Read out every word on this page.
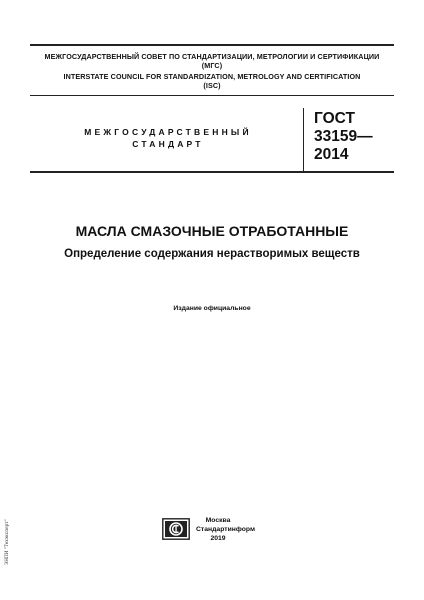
МЕЖГОСУДАРСТВЕННЫЙ СОВЕТ ПО СТАНДАРТИЗАЦИИ, МЕТРОЛОГИИ И СЕРТИФИКАЦИИ
(МГС)
INTERSTATE COUNCIL FOR STANDARDIZATION, METROLOGY AND CERTIFICATION
(ISC)
МЕЖГОСУДАРСТВЕННЫЙ
СТАНДАРТ
ГОСТ
33159—
2014
МАСЛА СМАЗОЧНЫЕ ОТРАБОТАННЫЕ
Определение содержания нерастворимых веществ
Издание официальное
Москва
Стандартинформ
2019
ЭНПИ "Техэксперт"
